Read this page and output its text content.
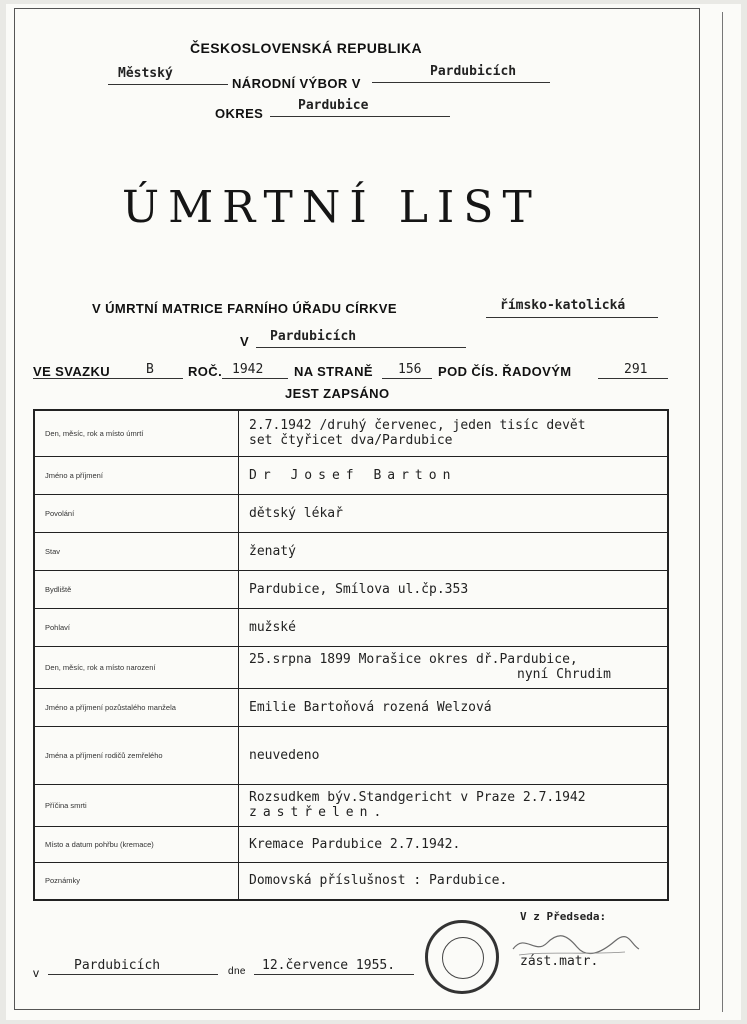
ČESKOSLOVENSKÁ REPUBLIKA
Městský
NÁRODNÍ VÝBOR V
Pardubicích
OKRES
Pardubice
ÚMRTNÍ LIST
V ÚMRTNÍ MATRICE FARNÍHO ÚŘADU CÍRKVE	římsko-katolická
V Pardubicích
VE SVAZKU	B	ROČ. 1942 NA STRANĚ 156 POD ČÍS. ŘADOVÝM	291
JEST ZAPSÁNO
Den, měsíc, rok a místo úmrtí	2.7.1942 /druhý červenec, jeden tisíc devět
set čtyřicet dva/Pardubice

Jméno a příjmení	Dr Josef Barton
Povolání	dětský lékař
Stav	ženatý
Bydliště	Pardubice, Smílova ul.čp.353
Pohlaví	mužské
Den, měsíc, rok a místo narození	25.srpna 1899 Morašice okres dř.Pardubice,
nyní Chrudim

Jméno a příjmení pozůstalého manžela	Emilie Bartoňová rozená Welzová
Jména a příjmení rodičů zemřelého	neuvedeno
Příčina smrti	Rozsudkem býv.Standgericht v Praze 2.7.1942
zastřelen.

Místo a datum pohřbu (kremace)	Kremace Pardubice 2.7.1942.
Poznámky	Domovská příslušnost : Pardubice.
V z Předseda:
zást.matr.
v	Pardubicích	dne 12.července 1955.
